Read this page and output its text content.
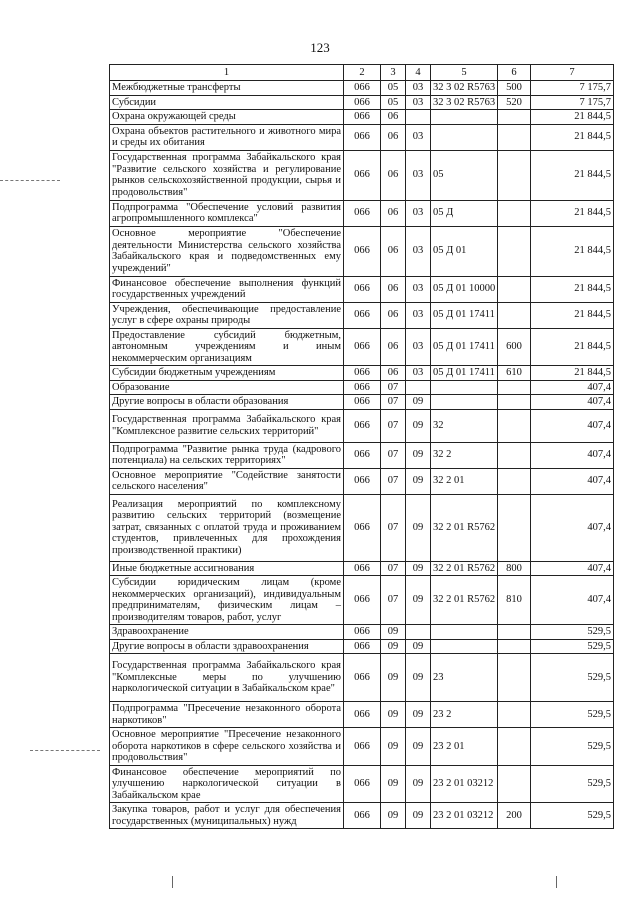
123
1	2	3	4	5	6	7
Межбюджетные трансферты	066	05	03	32 3 02 R5763	500	7 175,7
Субсидии	066	05	03	32 3 02 R5763	520	7 175,7
Охрана окружающей среды	066	06				21 844,5
Охрана объектов растительного и животного мира и среды их обитания	066	06	03			21 844,5
Государственная программа Забайкальского края "Развитие сельского хозяйства и регулирование рынков сельскохозяйственной продукции, сырья и продовольствия"	066	06	03	05		21 844,5
Подпрограмма "Обеспечение условий развития агропромышленного комплекса"	066	06	03	05 Д		21 844,5
Основное мероприятие "Обеспечение деятельности Министерства сельского хозяйства Забайкальского края и подведомственных ему учреждений"	066	06	03	05 Д 01		21 844,5
Финансовое обеспечение выполнения функций государственных учреждений	066	06	03	05 Д 01 10000		21 844,5
Учреждения, обеспечивающие предоставление услуг в сфере охраны природы	066	06	03	05 Д 01 17411		21 844,5
Предоставление субсидий бюджетным, автономным учреждениям и иным некоммерческим организациям	066	06	03	05 Д 01 17411	600	21 844,5
Субсидии бюджетным учреждениям	066	06	03	05 Д 01 17411	610	21 844,5
Образование	066	07				407,4
Другие вопросы в области образования	066	07	09			407,4
Государственная программа Забайкальского края "Комплексное развитие сельских территорий"	066	07	09	32		407,4
Подпрограмма "Развитие рынка труда (кадрового потенциала) на сельских территориях"	066	07	09	32 2		407,4
Основное мероприятие "Содействие занятости сельского населения"	066	07	09	32 2 01		407,4
Реализация мероприятий по комплексному развитию сельских территорий (возмещение затрат, связанных с оплатой труда и проживанием студентов, привлеченных для прохождения производственной практики)	066	07	09	32 2 01 R5762		407,4
Иные бюджетные ассигнования	066	07	09	32 2 01 R5762	800	407,4
Субсидии юридическим лицам (кроме некоммерческих организаций), индивидуальным предпринимателям, физическим лицам – производителям товаров, работ, услуг	066	07	09	32 2 01 R5762	810	407,4
Здравоохранение	066	09				529,5
Другие вопросы в области здравоохранения	066	09	09			529,5
Государственная программа Забайкальского края "Комплексные меры по улучшению наркологической ситуации в Забайкальском крае"	066	09	09	23		529,5
Подпрограмма "Пресечение незаконного оборота наркотиков"	066	09	09	23 2		529,5
Основное мероприятие "Пресечение незаконного оборота наркотиков в сфере сельского хозяйства и продовольствия"	066	09	09	23 2 01		529,5
Финансовое обеспечение мероприятий по улучшению наркологической ситуации в Забайкальском крае	066	09	09	23 2 01 03212		529,5
Закупка товаров, работ и услуг для обеспечения государственных (муниципальных) нужд	066	09	09	23 2 01 03212	200	529,5
